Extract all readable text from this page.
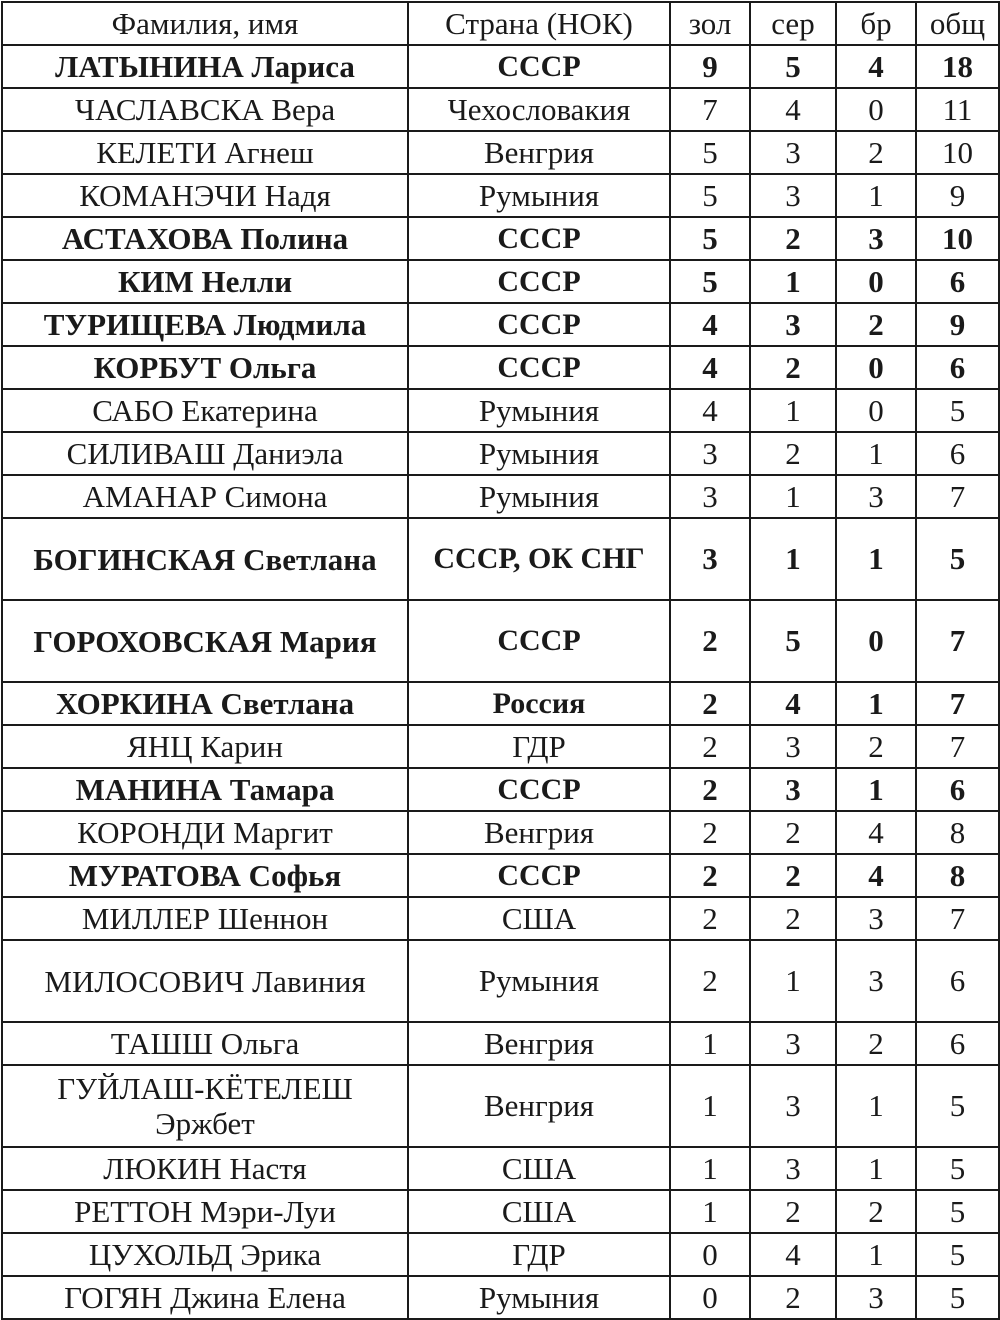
Фамилия, имя	Страна (НОК)	зол	сер	бр	общ
ЛАТЫНИНА Лариса	СССР	9	5	4	18
ЧАСЛАВСКА Вера	Чехословакия	7	4	0	11
КЕЛЕТИ Агнеш	Венгрия	5	3	2	10
КОМАНЭЧИ Надя	Румыния	5	3	1	9
АСТАХОВА Полина	СССР	5	2	3	10
КИМ Нелли	СССР	5	1	0	6
ТУРИЩЕВА Людмила	СССР	4	3	2	9
КОРБУТ Ольга	СССР	4	2	0	6
САБО Екатерина	Румыния	4	1	0	5
СИЛИВАШ Даниэла	Румыния	3	2	1	6
АМАНАР Симона	Румыния	3	1	3	7
БОГИНСКАЯ Светлана	СССР, ОК СНГ	3	1	1	5
ГОРОХОВСКАЯ Мария	СССР	2	5	0	7
ХОРКИНА Светлана	Россия	2	4	1	7
ЯНЦ Карин	ГДР	2	3	2	7
МАНИНА Тамара	СССР	2	3	1	6
КОРОНДИ Маргит	Венгрия	2	2	4	8
МУРАТОВА Софья	СССР	2	2	4	8
МИЛЛЕР Шеннон	США	2	2	3	7
МИЛОСОВИЧ Лавиния	Румыния	2	1	3	6
ТАШШ Ольга	Венгрия	1	3	2	6
ГУЙЛАШ-КЁТЕЛЕШ Эржбет	Венгрия	1	3	1	5
ЛЮКИН Настя	США	1	3	1	5
РЕТТОН Мэри-Луи	США	1	2	2	5
ЦУХОЛЬД Эрика	ГДР	0	4	1	5
ГОГЯН Джина Елена	Румыния	0	2	3	5
